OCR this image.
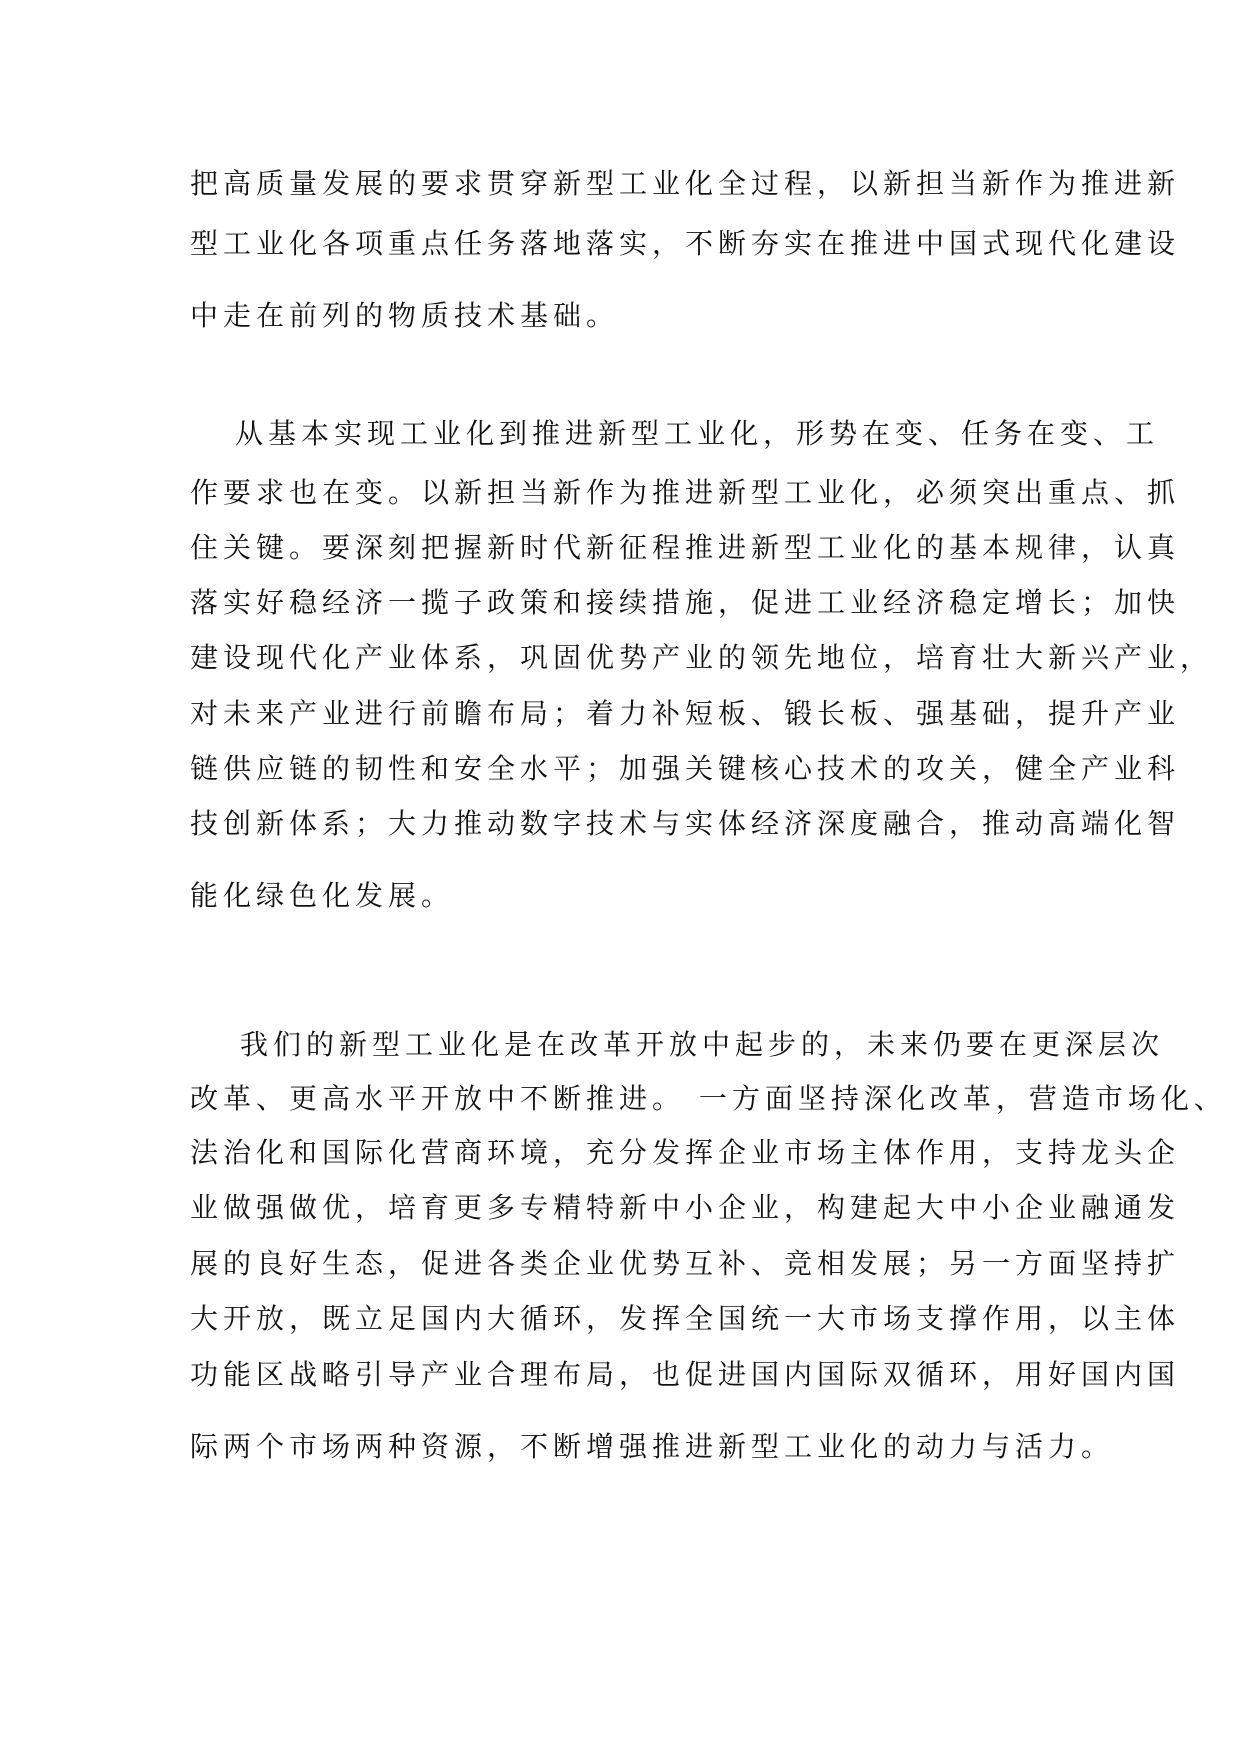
把高质量发展的要求贯穿新型工业化全过程，以新担当新作为推进新

型工业化各项重点任务落地落实，不断夯实在推进中国式现代化建设

中走在前列的物质技术基础。

从基本实现工业化到推进新型工业化，形势在变、任务在变、工

作要求也在变。以新担当新作为推进新型工业化，必须突出重点、抓

住关键。要深刻把握新时代新征程推进新型工业化的基本规律，认真

落实好稳经济一揽子政策和接续措施，促进工业经济稳定增长；加快

建设现代化产业体系，巩固优势产业的领先地位，培育壮大新兴产业，

对未来产业进行前瞻布局；着力补短板、锻长板、强基础，提升产业

链供应链的韧性和安全水平；加强关键核心技术的攻关，健全产业科

技创新体系；大力推动数字技术与实体经济深度融合，推动高端化智

能化绿色化发展。

我们的新型工业化是在改革开放中起步的，未来仍要在更深层次

改革、更高水平开放中不断推进。 一方面坚持深化改革，营造市场化、

法治化和国际化营商环境，充分发挥企业市场主体作用，支持龙头企

业做强做优，培育更多专精特新中小企业，构建起大中小企业融通发

展的良好生态，促进各类企业优势互补、竞相发展；另一方面坚持扩

大开放，既立足国内大循环，发挥全国统一大市场支撑作用，以主体

功能区战略引导产业合理布局，也促进国内国际双循环，用好国内国

际两个市场两种资源，不断增强推进新型工业化的动力与活力。
